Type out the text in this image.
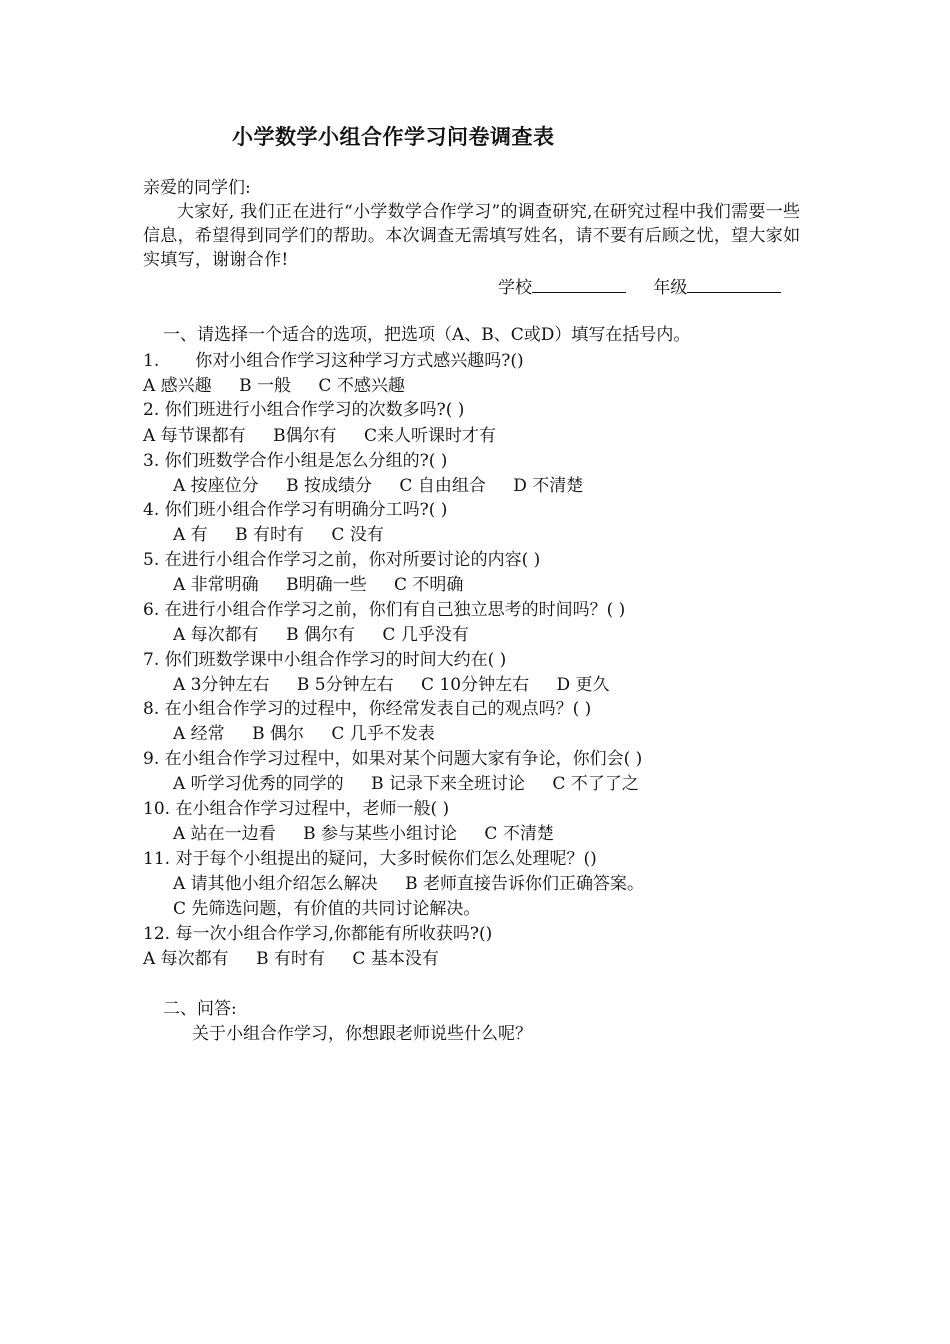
小学数学小组合作学习问卷调查表

亲爱的同学们:

大家好, 我们正在进行“小学数学合作学习”的调查研究,在研究过程中我们需要一些信息，希望得到同学们的帮助。本次调查无需填写姓名，请不要有后顾之忧，望大家如实填写，谢谢合作!

学校	年级
一、请选择一个适合的选项，把选项（A、B、C或D）填写在括号内。
1. 你对小组合作学习这种学习方式感兴趣吗?()
A 感兴趣 B 一般 C 不感兴趣
2. 你们班进行小组合作学习的次数多吗?( )
A 每节课都有 B偶尔有 C来人听课时才有
3. 你们班数学合作小组是怎么分组的?( )
A 按座位分 B 按成绩分 C 自由组合 D 不清楚
4. 你们班小组合作学习有明确分工吗?( )
A 有 B 有时有 C 没有
5. 在进行小组合作学习之前，你对所要讨论的内容( )
A 非常明确 B明确一些 C 不明确
6. 在进行小组合作学习之前，你们有自己独立思考的时间吗？( )
A 每次都有 B 偶尔有 C 几乎没有
7. 你们班数学课中小组合作学习的时间大约在( )
A 3分钟左右 B 5分钟左右 C 10分钟左右 D 更久
8. 在小组合作学习的过程中，你经常发表自己的观点吗？( )
A 经常 B 偶尔 C 几乎不发表
9. 在小组合作学习过程中，如果对某个问题大家有争论，你们会( )
A 听学习优秀的同学的 B 记录下来全班讨论 C 不了了之
10. 在小组合作学习过程中，老师一般( )
A 站在一边看 B 参与某些小组讨论 C 不清楚
11. 对于每个小组提出的疑问，大多时候你们怎么处理呢？()
A 请其他小组介绍怎么解决 B 老师直接告诉你们正确答案。
C 先筛选问题，有价值的共同讨论解决。
12. 每一次小组合作学习,你都能有所收获吗?()
A 每次都有 B 有时有 C 基本没有
二、问答:
关于小组合作学习，你想跟老师说些什么呢？
